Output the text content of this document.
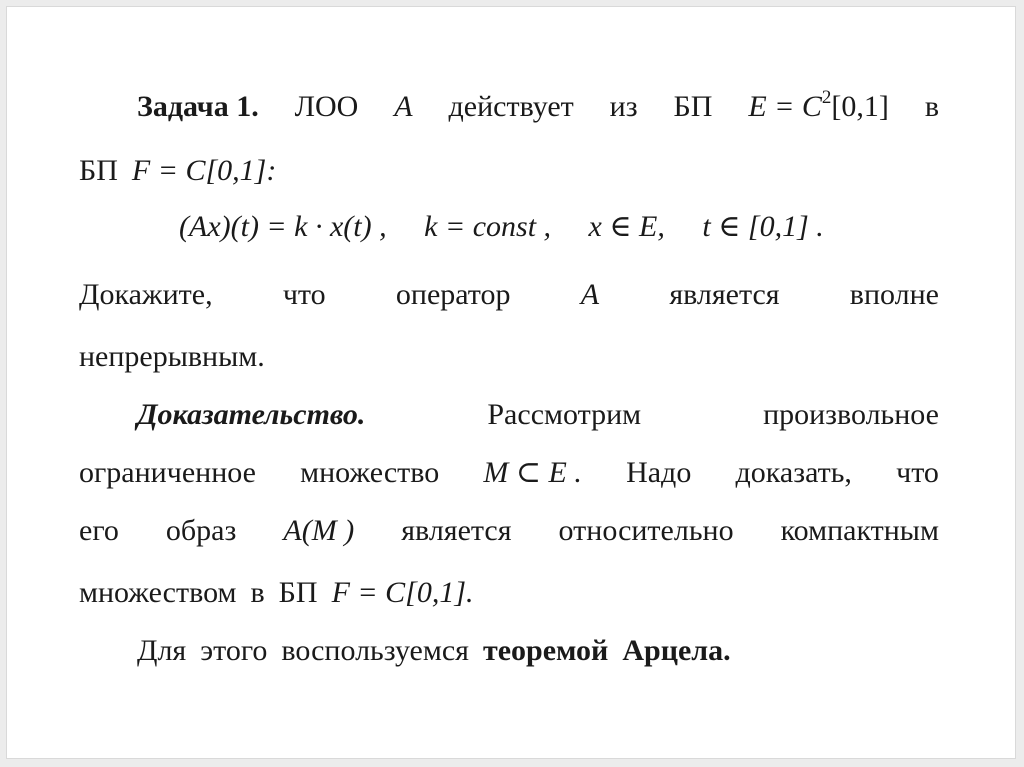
Задача 1. ЛОО A действует из БП $E = C^2[0,1]$ в
БП F = C[0,1]:
(Ax)(t) = k · x(t) , k = const , x ∈ E, t ∈ [0,1] .
Докажите, что оператор A является вполне
непрерывным.
Доказательство.	Рассмотрим	произвольное
ограниченное множество M ⊂ E . Надо доказать, что
его образ A(M ) является относительно компактным
множеством в БП F = C[0,1].
Для этого воспользуемся теоремой Арцела.
